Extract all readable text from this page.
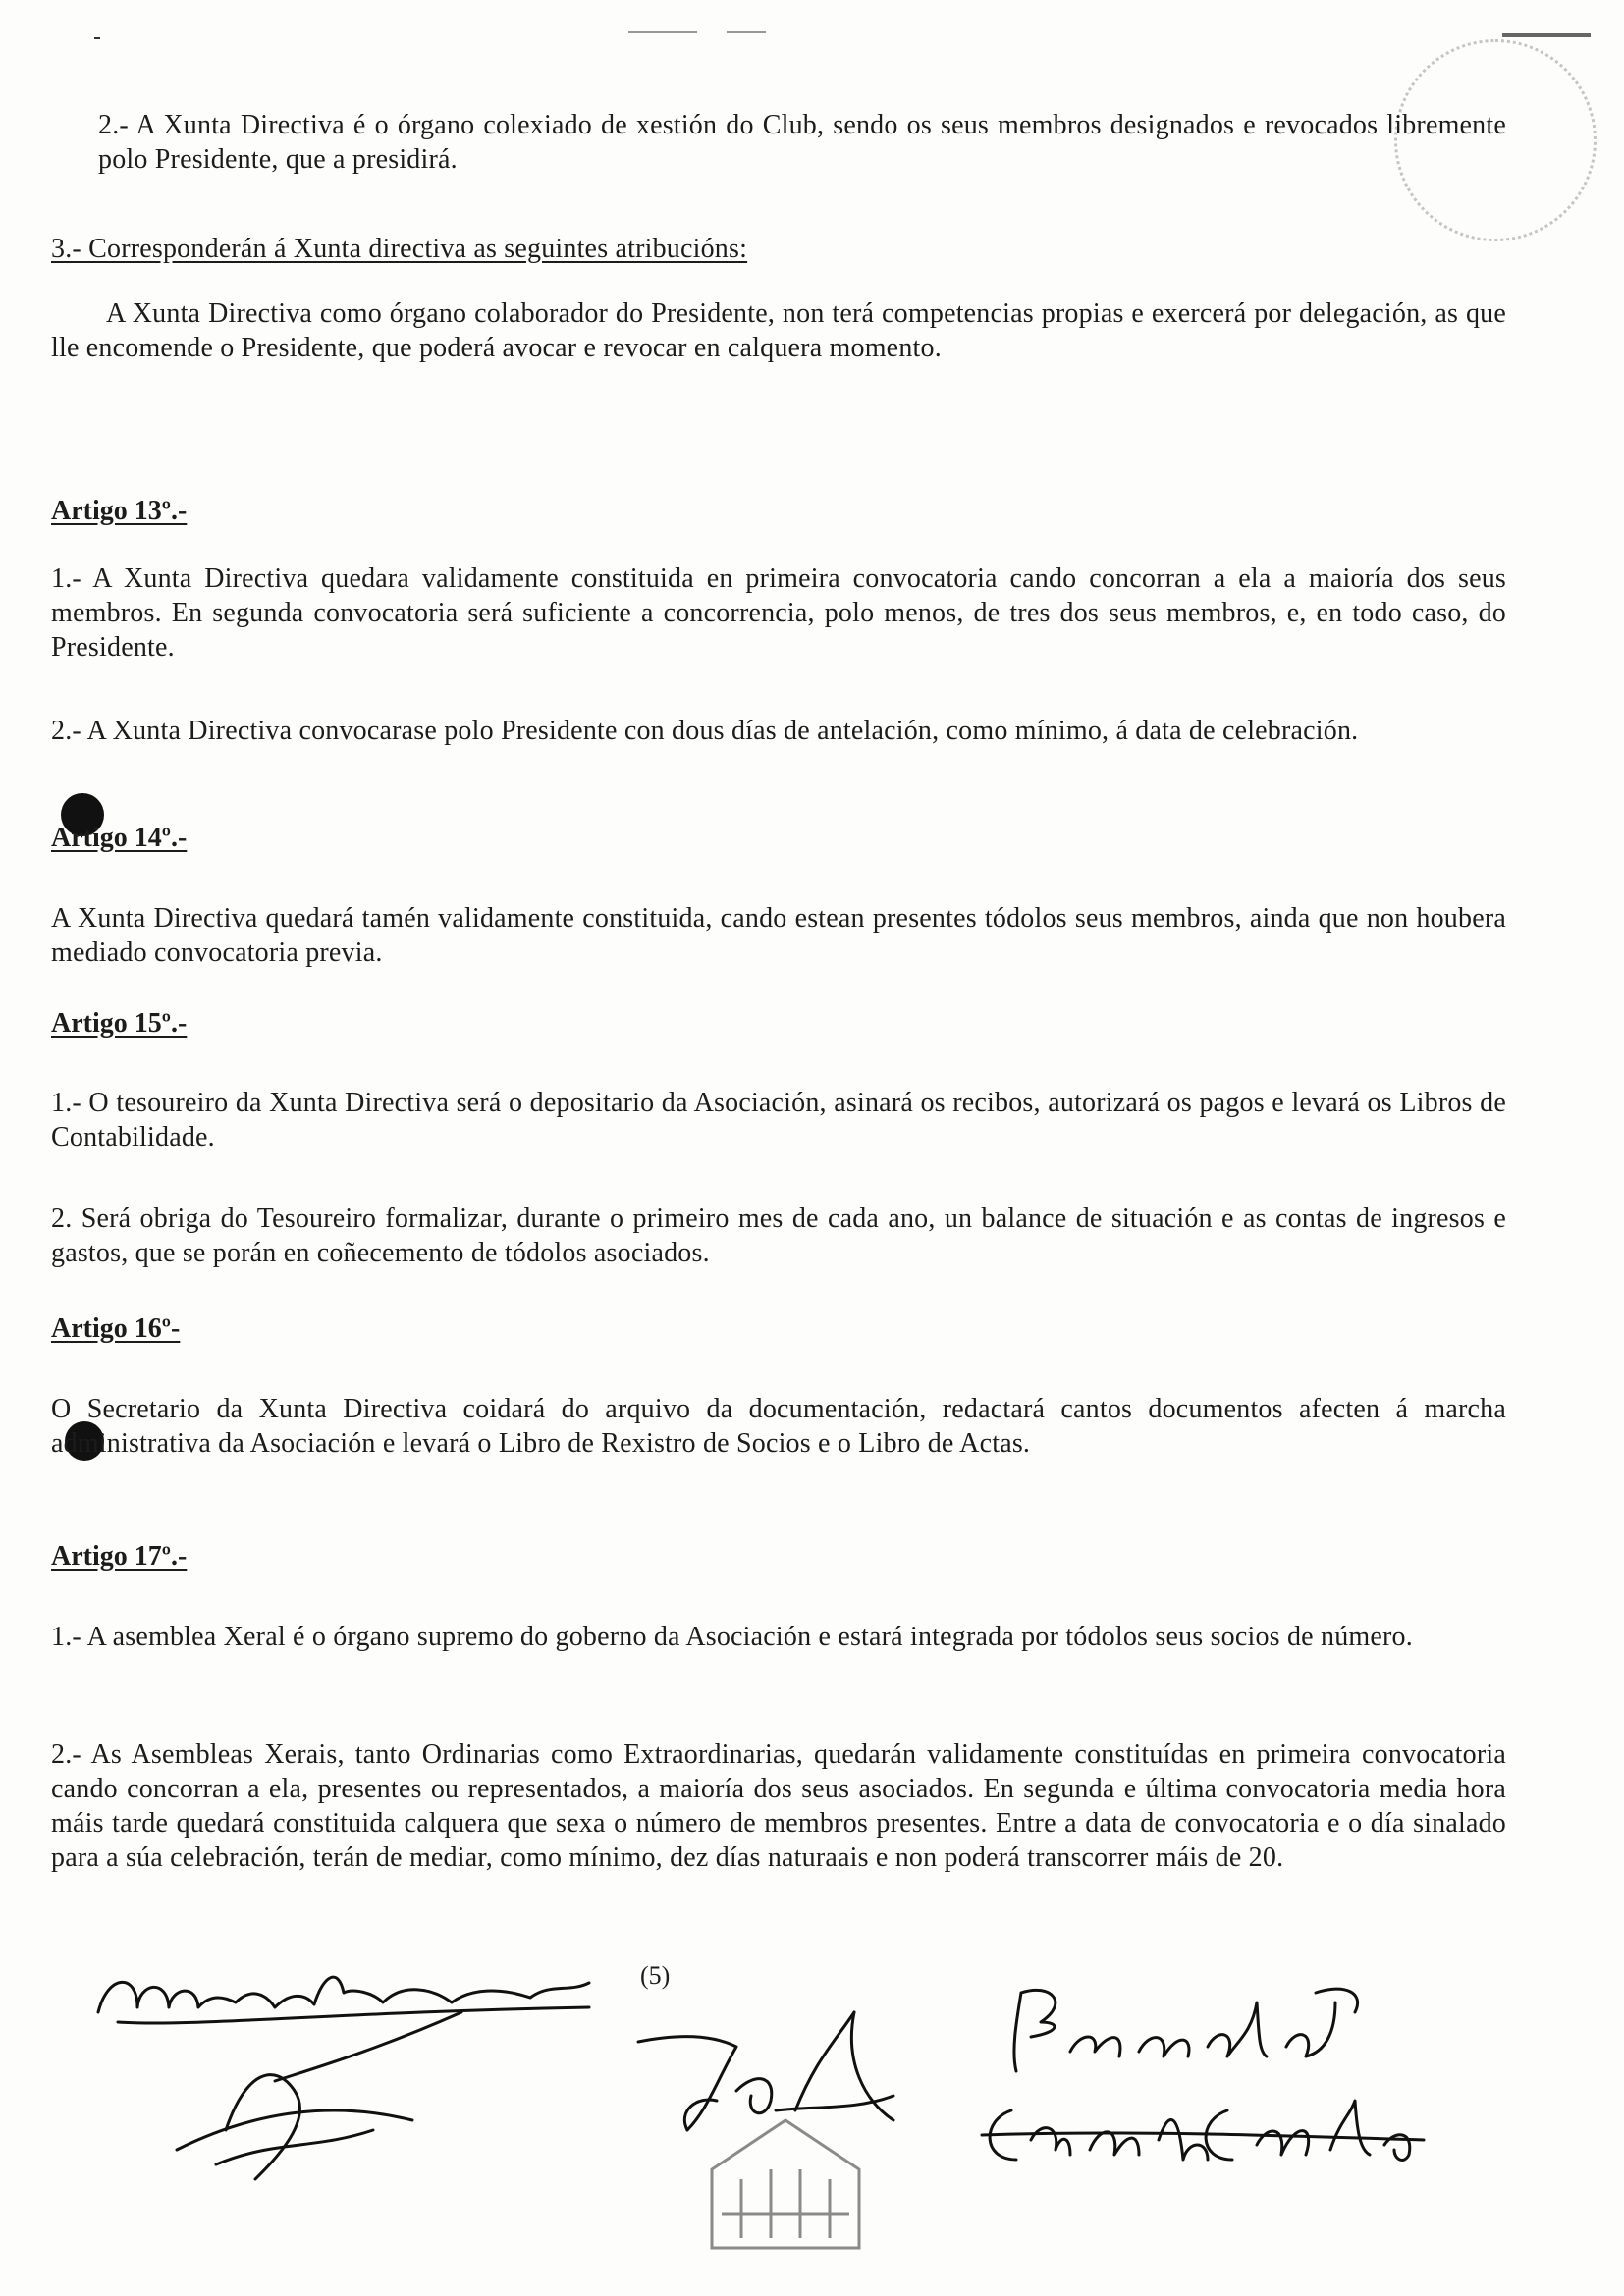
2.- A Xunta Directiva é o órgano colexiado de xestión do Club, sendo os seus membros designados e revocados libremente polo Presidente, que a presidirá.
3.- Corresponderán á Xunta directiva as seguintes atribucións:
A Xunta Directiva como órgano colaborador do Presidente, non terá competencias propias e exercerá por delegación, as que lle encomende o Presidente, que poderá avocar e revocar en calquera momento.
Artigo 13º.-
1.- A Xunta Directiva quedara validamente constituida en primeira convocatoria cando concorran a ela a maioría dos seus membros. En segunda convocatoria será suficiente a concorrencia, polo menos, de tres dos seus membros, e, en todo caso, do Presidente.
2.- A Xunta Directiva convocarase polo Presidente con dous días de antelación, como mínimo, á data de celebración.
Artigo 14º.-
A Xunta Directiva quedará tamén validamente constituida, cando estean presentes tódolos seus membros, ainda que non houbera mediado convocatoria previa.
Artigo 15º.-
1.- O tesoureiro da Xunta Directiva será o depositario da Asociación, asinará os recibos, autorizará os pagos e levará os Libros de Contabilidade.
2. Será obriga do Tesoureiro formalizar, durante o primeiro mes de cada ano, un balance de situación e as contas de ingresos e gastos, que se porán en coñecemento de tódolos asociados.
Artigo 16º-
O Secretario da Xunta Directiva coidará do arquivo da documentación, redactará cantos documentos afecten á marcha administrativa da Asociación e levará o Libro de Rexistro de Socios e o Libro de Actas.
Artigo 17º.-
1.- A asemblea Xeral é o órgano supremo do goberno da Asociación e estará integrada por tódolos seus socios de número.
2.- As Asembleas Xerais, tanto Ordinarias como Extraordinarias, quedarán validamente constituídas en primeira convocatoria cando concorran a ela, presentes ou representados, a maioría dos seus asociados. En segunda e última convocatoria media hora máis tarde quedará constituida calquera que sexa o número de membros presentes. Entre a data de convocatoria e o día sinalado para a súa celebración, terán de mediar, como mínimo, dez días naturaais e non poderá transcorrer máis de 20.
(5)
